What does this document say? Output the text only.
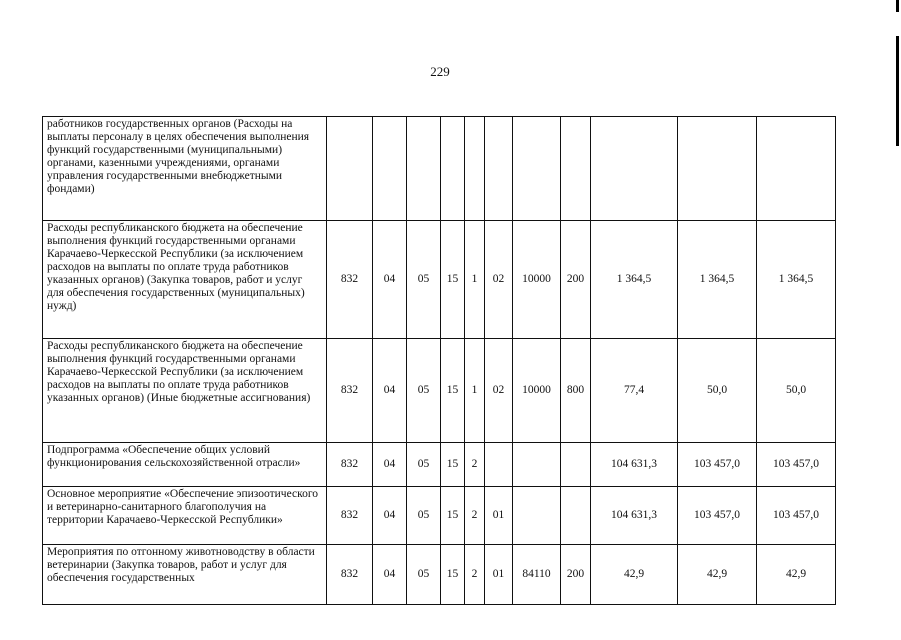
229
работников государственных органов (Расходы на выплаты персоналу в целях обеспечения выполнения функций государственными (муниципальными) органами, казенными учреждениями, органами управления государственными внебюджетными фондами)											
Расходы республиканского бюджета на обеспечение выполнения функций государственными органами Карачаево-Черкесской Республики (за исключением расходов на выплаты по оплате труда работников указанных органов) (Закупка товаров, работ и услуг для обеспечения государственных (муниципальных) нужд)	832	04	05	15	1	02	10000	200	1 364,5	1 364,5	1 364,5
Расходы республиканского бюджета на обеспечение выполнения функций государственными органами Карачаево-Черкесской Республики (за исключением расходов на выплаты по оплате труда работников указанных органов) (Иные бюджетные ассигнования)	832	04	05	15	1	02	10000	800	77,4	50,0	50,0
Подпрограмма «Обеспечение общих условий функционирования сельскохозяйственной отрасли»	832	04	05	15	2				104 631,3	103 457,0	103 457,0
Основное мероприятие «Обеспечение эпизоотического и ветеринарно-санитарного благополучия на территории Карачаево-Черкесской Республики»	832	04	05	15	2	01			104 631,3	103 457,0	103 457,0
Мероприятия по отгонному животноводству в области ветеринарии (Закупка товаров, работ и услуг для обеспечения государственных	832	04	05	15	2	01	84110	200	42,9	42,9	42,9
